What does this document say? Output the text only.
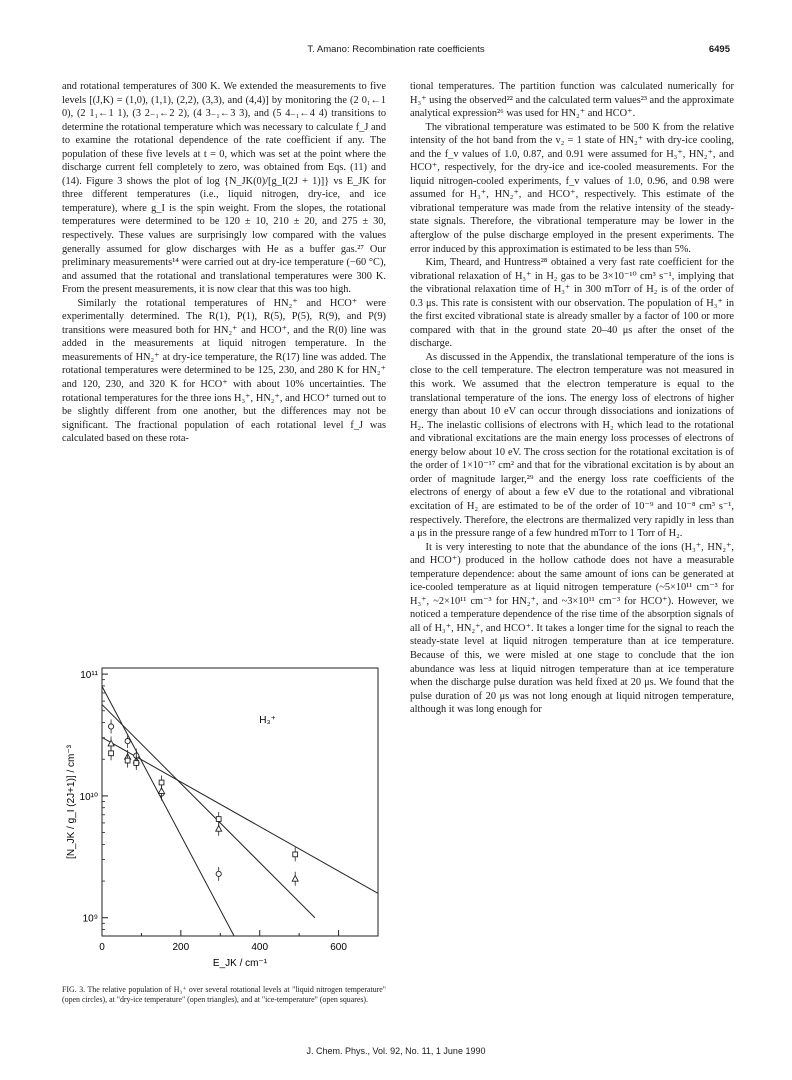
T. Amano: Recombination rate coefficients	6495

and rotational temperatures of 300 K. We extended the measurements to five levels [(J,K) = (1,0), (1,1), (2,2), (3,3), and (4,4)] by monitoring the (2 0₁←1 0), (2 1₁←1 1), (3 2₋₁←2 2), (4 3₋₁←3 3), and (5 4₋₁←4 4) transitions to determine the rotational temperature which was necessary to calculate f_J and to examine the rotational dependence of the rate coefficient if any. The population of these five levels at t = 0, which was set at the point where the discharge current fell completely to zero, was obtained from Eqs. (11) and (14). Figure 3 shows the plot of log {N_JK(0)/[g_I(2J + 1)]} vs E_JK for three different temperatures (i.e., liquid nitrogen, dry-ice, and ice temperature), where g_I is the spin weight. From the slopes, the rotational temperatures were determined to be 120 ± 10, 210 ± 20, and 275 ± 30, respectively. These values are surprisingly low compared with the values generally assumed for glow discharges with He as a buffer gas.²⁷ Our preliminary measurements¹⁴ were carried out at dry-ice temperature (−60 °C), and assumed that the rotational and translational temperatures were 300 K. From the present measurements, it is now clear that this was too high.

Similarly the rotational temperatures of HN₂⁺ and HCO⁺ were experimentally determined. The R(1), P(1), R(5), P(5), R(9), and P(9) transitions were measured both for HN₂⁺ and HCO⁺, and the R(0) line was added in the measurements at liquid nitrogen temperature. In the measurements of HN₂⁺ at dry-ice temperature, the R(17) line was added. The rotational temperatures were determined to be 125, 230, and 280 K for HN₂⁺ and 120, 230, and 320 K for HCO⁺ with about 10% uncertainties. The rotational temperatures for the three ions H₃⁺, HN₂⁺, and HCO⁺ turned out to be slightly different from one another, but the differences may not be significant. The fractional population of each rotational level f_J was calculated based on these rota-

tional temperatures. The partition function was calculated numerically for H₃⁺ using the observed²² and the calculated term values²³ and the approximate analytical expression²⁶ was used for HN₂⁺ and HCO⁺.

The vibrational temperature was estimated to be 500 K from the relative intensity of the hot band from the v₂ = 1 state of HN₂⁺ with dry-ice cooling, and the f_v values of 1.0, 0.87, and 0.91 were assumed for H₃⁺, HN₂⁺, and HCO⁺, respectively, for the dry-ice and ice-cooled measurements. For the liquid nitrogen-cooled experiments, f_v values of 1.0, 0.96, and 0.98 were assumed for H₃⁺, HN₂⁺, and HCO⁺, respectively. This estimate of the vibrational temperature was made from the relative intensity of the steady-state signals. Therefore, the vibrational temperature may be lower in the afterglow of the pulse discharge employed in the present experiments. The error induced by this approximation is estimated to be less than 5%.

Kim, Theard, and Huntress²⁸ obtained a very fast rate coefficient for the vibrational relaxation of H₃⁺ in H₂ gas to be 3×10⁻¹⁰ cm³ s⁻¹, implying that the vibrational relaxation time of H₃⁺ in 300 mTorr of H₂ is of the order of 0.3 μs. This rate is consistent with our observation. The population of H₃⁺ in the first excited vibrational state is already smaller by a factor of 100 or more compared with that in the ground state 20–40 μs after the onset of the discharge.

As discussed in the Appendix, the translational temperature of the ions is close to the cell temperature. The electron temperature was not measured in this work. We assumed that the electron temperature is equal to the translational temperature of the ions. The energy loss of electrons of higher energy than about 10 eV can occur through dissociations and ionizations of H₂. The inelastic collisions of electrons with H₂ which lead to the rotational and vibrational excitations are the main energy loss processes of electrons of energy below about 10 eV. The cross section for the rotational excitation is of the order of 1×10⁻¹⁷ cm² and that for the vibrational excitation is by about an order of magnitude larger,²⁹ and the energy loss rate coefficients of the electrons of energy of about a few eV due to the rotational and vibrational excitation of H₂ are estimated to be of the order of 10⁻⁹ and 10⁻⁸ cm³ s⁻¹, respectively. Therefore, the electrons are thermalized very rapidly in less than a μs in the pressure range of a few hundred mTorr to 1 Torr of H₂.

It is very interesting to note that the abundance of the ions (H₃⁺, HN₂⁺, and HCO⁺) produced in the hollow cathode does not have a measurable temperature dependence: about the same amount of ions can be generated at ice-cooled temperature as at liquid nitrogen temperature (~5×10¹¹ cm⁻³ for H₃⁺, ~2×10¹¹ cm⁻³ for HN₂⁺, and ~3×10¹¹ cm⁻³ for HCO⁺). However, we noticed a temperature dependence of the rise time of the absorption signals of all of H₃⁺, HN₂⁺, and HCO⁺. It takes a longer time for the signal to reach the steady-state level at liquid nitrogen temperature than at ice temperature. Because of this, we were misled at one stage to conclude that the ion abundance was less at liquid nitrogen temperature than at ice temperature when the discharge pulse duration was held fixed at 20 μs. We found that the pulse duration of 20 μs was not long enough at liquid nitrogen temperature, although it was long enough for

0	200	400	600
10⁹
10¹⁰
10¹¹
E_JK / cm⁻¹
[N_JK / g_I (2J+1)] / cm⁻³
H₃⁺
FIG. 3. The relative population of H₃⁺ over several rotational levels at "liquid nitrogen temperature" (open circles), at "dry-ice temperature" (open triangles), and at "ice-temperature" (open squares).
J. Chem. Phys., Vol. 92, No. 11, 1 June 1990
